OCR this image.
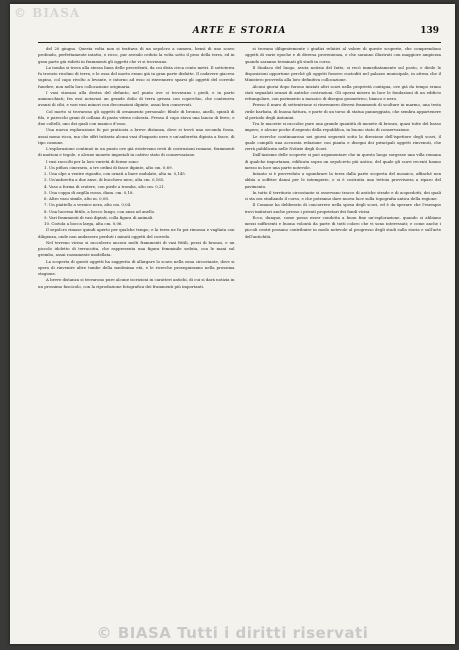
© BIASA
ARTE E STORIA	139

del 20 giugno. Questa volta non si trattava di un sepolcro a camera, bensì di uno scavo profondo, perfettamente intatto, e ricco, pur avendo ceduto la volta sotto il peso della terra, ed in gran parte già ridotti in frammenti gli oggetti che vi si trovavano.

La tomba si trova alla stessa linea delle precedenti, da cui dista circa cento metri. Il sottoterra fu trovato ricolmo di terra, e le ossa del morto erano già in gran parte disfatte. Il cadavere giaceva supino, col capo rivolto a levante, e intorno ad esso si rinvennero sparsi gli oggetti del corredo funebre, non nella loro collocazione originaria.

I vasi stavano alla destra del defunto, nel punto ove si trovavano i piedi, e in parte ammucchiati; fra essi notavasi un grande dolio di terra grezza con coperchio, che conteneva avanzi di cibi, e vari vasi minori con decorazioni dipinte, assai ben conservati.

Col morto si trovarono gli oggetti di ornamento personale: fibule di bronzo, anelli, spirali di filo, e parecchi grani di collana di pasta vitrea colorata. Presso il capo stava una lancia di ferro, e due coltelli, uno dei quali con manico d'osso.

Una nuova esplorazione fu poi praticata a breve distanza, dove si trovò una seconda fossa, assai meno ricca, ma che offrì tuttavia alcuni vasi d'impasto nero e un'anforetta dipinta a fasce, di tipo comune.

L'esplorazione continuò in un punto ove già esistevano resti di costruzioni romane, frammenti di mattoni e tegole, e alcune monete imperiali in cattivo stato di conservazione.

I vasi raccolti per la loro varietà di forme sono:

1. Un pithos cinerario, a tre ordini di fasce dipinte, alto cm. 0,69.

2. Una olpe a ventre rigonfio, con ornati a linee ondulate, alta m. 0,145.

3. Un'anforetta a due anse, di bucchero nero, alta cm. 0,165.

4. Vaso a forma di cratere, con piede a tromba, alto cm. 0,21.

5. Una coppa di argilla rossa, diam. cm. 0,18.

6. Altro vaso simile, alto m. 0,08.

7. Un piattello a vernice nera, alto cm. 0,04.

8. Una lucerna fittile, a becco lungo, con ansa ad anello.

9. Vari frammenti di vasi dipinti, colla figura di animali.

10. Ciotola a bocca larga, alta cm. 0,06.

Il sepolcro rimase quindi aperto per qualche tempo, e la terra ne fu poi rimossa e vagliata con diligenza, onde non andassero perduti i minuti oggetti del corredo.

Nel terreno vicino si raccolsero ancora molti frammenti di vasi fittili, pezzi di bronzo, e un piccolo idoletto di terracotta, che rappresenta una figura femminile seduta, con le mani sul grembo, assai rozzamente modellata.

La scoperta di questi oggetti ha suggerito di allargare lo scavo nella zona circostante, dove si spera di rinvenire altre tombe della medesima età, e le ricerche proseguiranno nella prossima stagione.

A breve distanza si trovarono pure alcune iscrizioni in caratteri antichi, di cui si darà notizia in un prossimo fascicolo, con la riproduzione fotografica dei frammenti più importanti.

si trovano diligentemente i giudizi relativi al valore di queste scoperte, che comprendono oggetti di varie epoche e di diversa provenienza, e che saranno illustrati con maggiore ampiezza quando saranno terminati gli studi in corso.

Il Sindaco del luogo, avuta notizia del fatto, si recò immediatamente sul posto, e diede le disposizioni opportune perché gli oggetti fossero custoditi nel palazzo municipale, in attesa che il Ministero provveda alla loro definitiva collocazione.

Alcuni giorni dopo furono iniziati altri scavi nella proprietà contigua, ove già da tempo erano stati segnalati avanzi di antiche costruzioni. Gli operai misero in luce le fondazioni di un edificio rettangolare, con pavimento a mosaico di disegno geometrico, bianco e nero.

Presso il muro di settentrione si rinvennero diversi frammenti di sculture in marmo, una testa virile barbata, di buona fattura, e parte di un torso di statua panneggiata, che sembra appartenere al periodo degli Antonini.

Tra le macerie si raccolse pure una grande quantità di monete di bronzo, quasi tutte del basso impero, e alcune poche d'argento della repubblica, in buono stato di conservazione.

Le ricerche continuarono nei giorni seguenti sotto la direzione dell'ispettore degli scavi, il quale compilò una accurata relazione con pianta e disegni dei principali oggetti rinvenuti, che verrà pubblicata nelle Notizie degli Scavi.

Dall'insieme delle scoperte si può argomentare che in questo luogo sorgesse una villa romana di qualche importanza, edificata sopra un sepolcreto più antico, del quale gli scavi recenti hanno messo in luce una parte notevole.

Intanto si è provveduto a sgombrare la terra dalla parte scoperta del mosaico, affinché non abbia a soffrire danni per le intemperie, e si è costruita una tettoia provvisoria a riparo del pavimento.

In tutto il territorio circostante si osservano tracce di antiche strade e di acquedotti, dei quali si sta ora studiando il corso, e che potranno dare nuova luce sulla topografia antica della regione.

Il Comune ha deliberato di concorrere nella spesa degli scavi, ed è da sperare che l'esempio trovi imitatori anche presso i privati proprietari dei fondi vicini.

Ecco, dunque, come possa esser condotta a buon fine un'esplorazione, quando si abbiano mezzi sufficienti e buona volontà da parte di tutti coloro che vi sono interessati; e come anche i piccoli centri possano contribuire in modo notevole al progresso degli studi sulla storia e sull'arte dell'antichità.

© BIASA Tutti i diritti riservati
